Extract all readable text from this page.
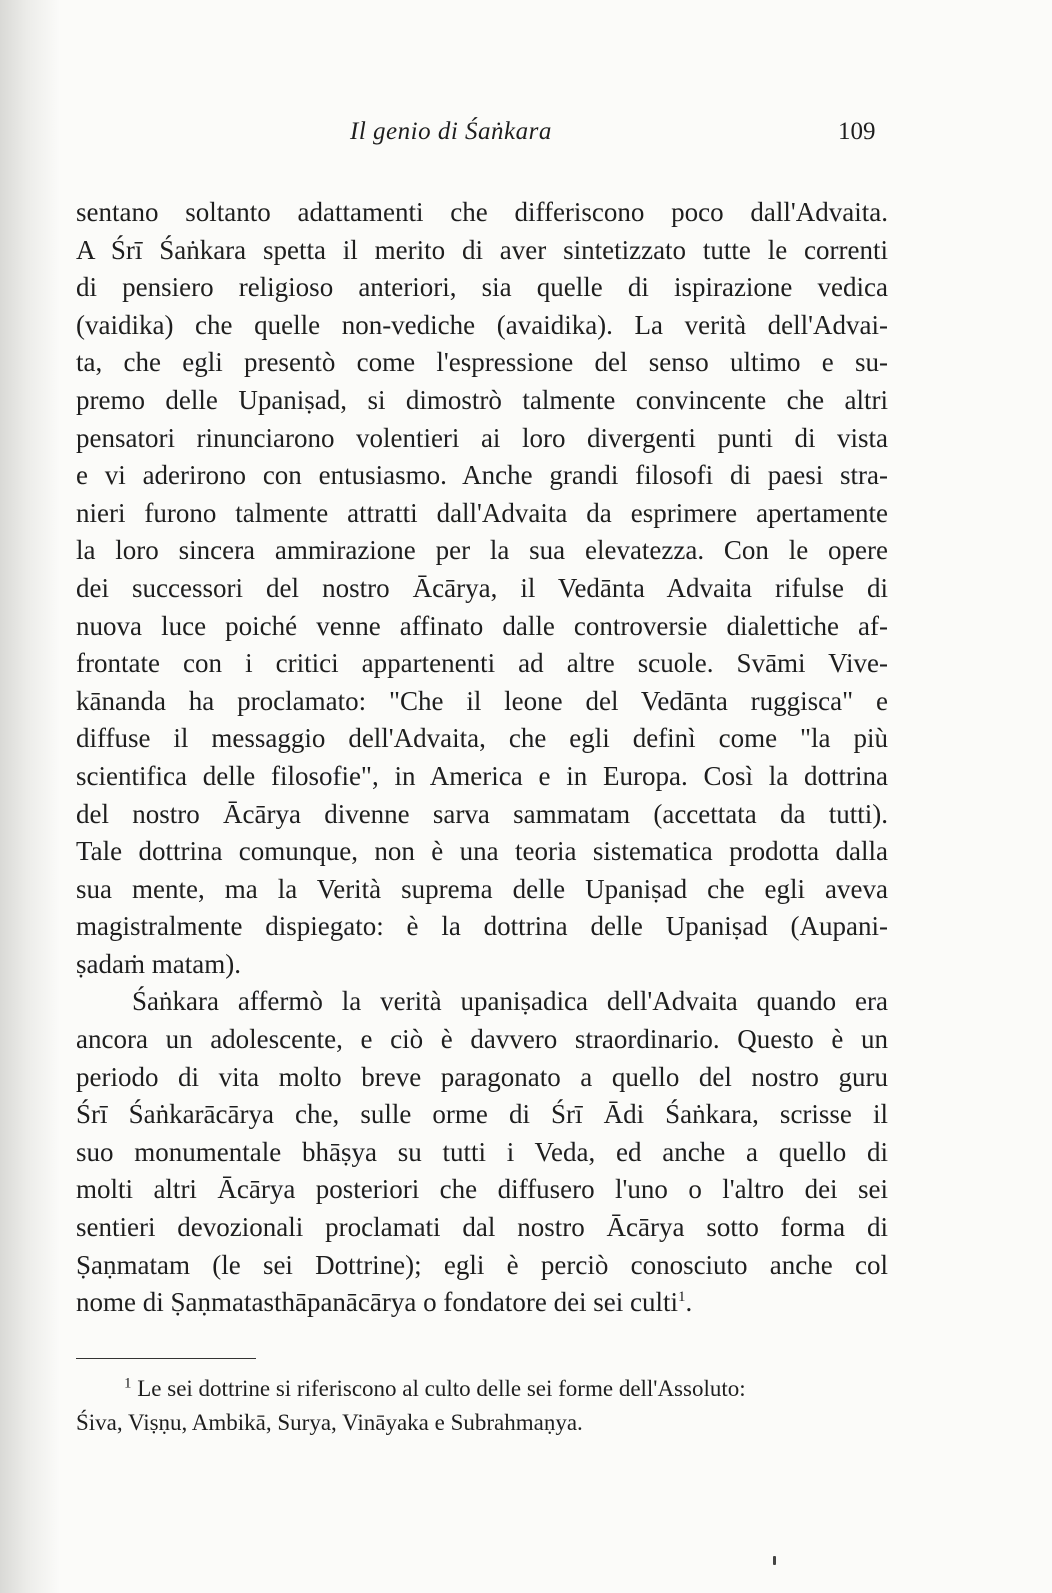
Il genio di Śaṅkara	109
sentano soltanto adattamenti che differiscono poco dall'Advaita.
A Śrī Śaṅkara spetta il merito di aver sintetizzato tutte le correnti
di pensiero religioso anteriori, sia quelle di ispirazione vedica
(vaidika) che quelle non-vediche (avaidika). La verità dell'Advai-
ta, che egli presentò come l'espressione del senso ultimo e su-
premo delle Upaniṣad, si dimostrò talmente convincente che altri
pensatori rinunciarono volentieri ai loro divergenti punti di vista
e vi aderirono con entusiasmo. Anche grandi filosofi di paesi stra-
nieri furono talmente attratti dall'Advaita da esprimere apertamente
la loro sincera ammirazione per la sua elevatezza. Con le opere
dei successori del nostro Ācārya, il Vedānta Advaita rifulse di
nuova luce poiché venne affinato dalle controversie dialettiche af-
frontate con i critici appartenenti ad altre scuole. Svāmi Vive-
kānanda ha proclamato: "Che il leone del Vedānta ruggisca" e
diffuse il messaggio dell'Advaita, che egli definì come "la più
scientifica delle filosofie", in America e in Europa. Così la dottrina
del nostro Ācārya divenne sarva sammatam (accettata da tutti).
Tale dottrina comunque, non è una teoria sistematica prodotta dalla
sua mente, ma la Verità suprema delle Upaniṣad che egli aveva
magistralmente dispiegato: è la dottrina delle Upaniṣad (Aupani-
ṣadaṁ matam).
Śaṅkara affermò la verità upaniṣadica dell'Advaita quando era
ancora un adolescente, e ciò è davvero straordinario. Questo è un
periodo di vita molto breve paragonato a quello del nostro guru
Śrī Śaṅkarācārya che, sulle orme di Śrī Ādi Śaṅkara, scrisse il
suo monumentale bhāṣya su tutti i Veda, ed anche a quello di
molti altri Ācārya posteriori che diffusero l'uno o l'altro dei sei
sentieri devozionali proclamati dal nostro Ācārya sotto forma di
Ṣaṇmatam (le sei Dottrine); egli è perciò conosciuto anche col
nome di Ṣaṇmatasthāpanācārya o fondatore dei sei culti$^1$.
$^1$ Le sei dottrine si riferiscono al culto delle sei forme dell'Assoluto:
Śiva, Viṣṇu, Ambikā, Surya, Vināyaka e Subrahmaṇya.
